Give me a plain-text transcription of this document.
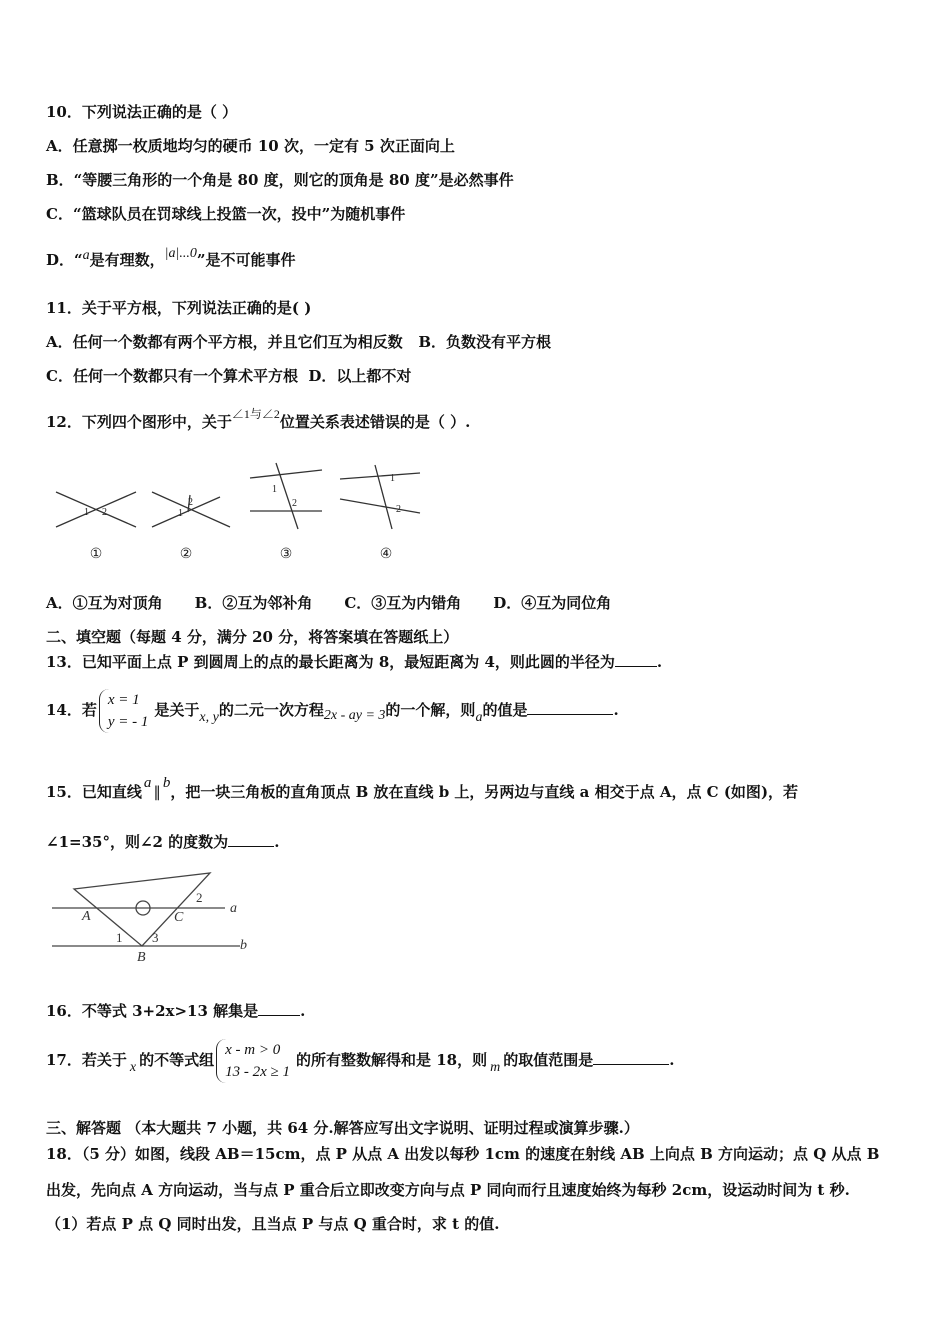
10．下列说法正确的是（ ）
A．任意掷一枚质地均匀的硬币 10 次，一定有 5 次正面向上
B．“等腰三角形的一个角是 80 度，则它的顶角是 80 度”是必然事件
C．“篮球队员在罚球线上投篮一次，投中”为随机事件
D．“a是有理数，|a|...0”是不可能事件
11．关于平方根，下列说法正确的是( )
A．任何一个数都有两个平方根，并且它们互为相反数 B．负数没有平方根
C．任何一个数都只有一个算术平方根 D．以上都不对
12．下列四个图形中，关于$^{\angle 1与\angle 2}$位置关系表述错误的是（ ）.
1 2	1
2
1
2
1
2
①	②	③	④
A．①互为对顶角 B．②互为邻补角 C．③互为内错角 D．④互为同位角
二、填空题（每题 4 分，满分 20 分，将答案填在答题纸上）
13．已知平面上点 P 到圆周上的点的最长距离为 8，最短距离为 4，则此圆的半径为	.
14．若
x = 1
y = - 1
是关于x, y的二元一次方程2x - ay = 3的一个解，则a的值是	.
15．已知直线 a∥b，把一块三角板的直角顶点 B 放在直线 b 上，另两边与直线 a 相交于点 A，点 C (如图)，若
∠1=35°，则∠2 的度数为	.
a
b
A	C
B
1 3
2
16．不等式 3+2x>13 解集是	.
17．若关于 x 的不等式组
x - m > 0
13 - 2x ≥ 1
的所有整数解得和是 18，则 m 的取值范围是	.
三、解答题 （本大题共 7 小题，共 64 分.解答应写出文字说明、证明过程或演算步骤.）
18．（5 分）如图，线段 AB＝15cm，点 P 从点 A 出发以每秒 1cm 的速度在射线 AB 上向点 B 方向运动；点 Q 从点 B
出发，先向点 A 方向运动，当与点 P 重合后立即改变方向与点 P 同向而行且速度始终为每秒 2cm，设运动时间为 t 秒.
（1）若点 P 点 Q 同时出发，且当点 P 与点 Q 重合时，求 t 的值.
